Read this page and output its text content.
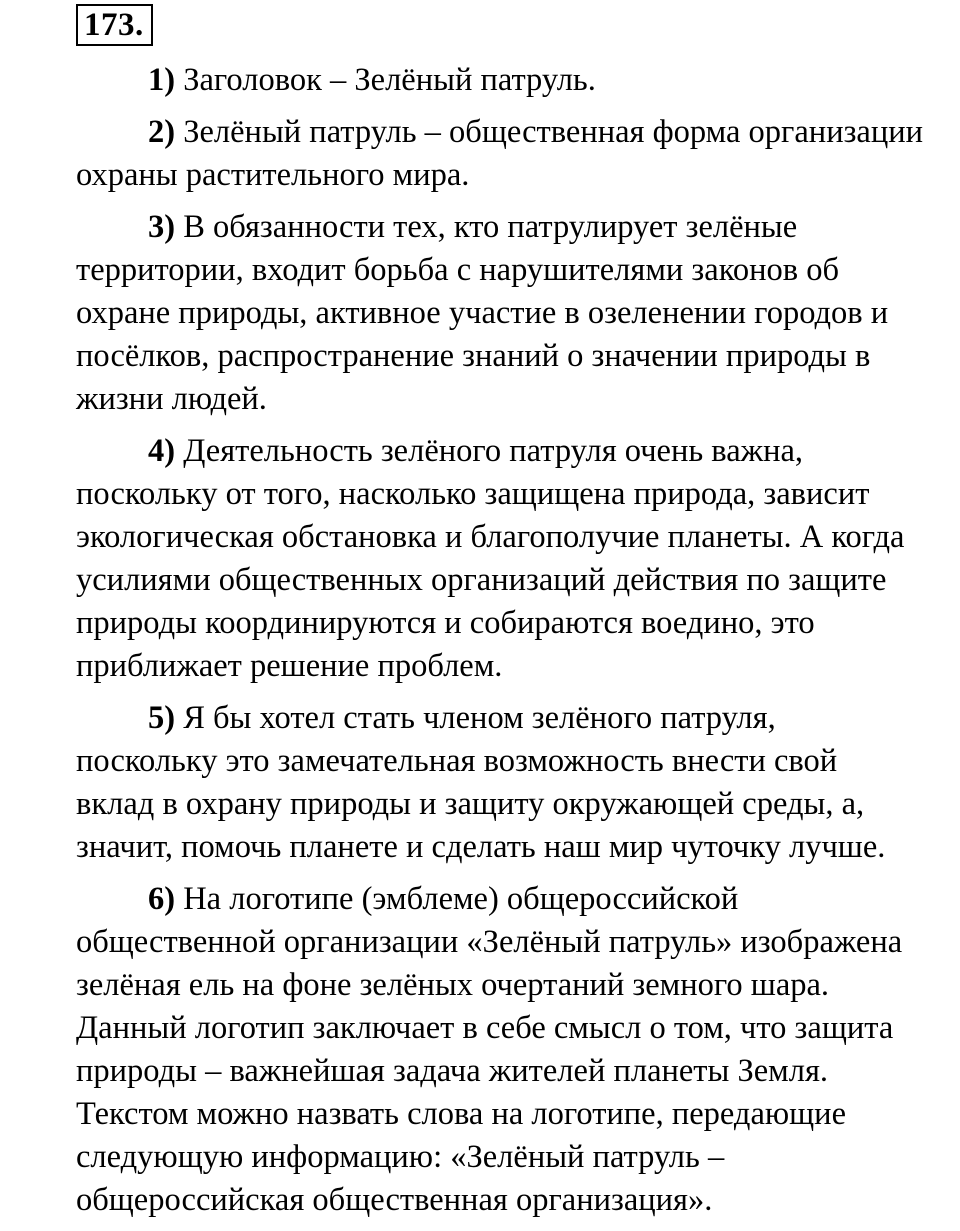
173.
1) Заголовок – Зелёный патруль.
2) Зелёный патруль – общественная форма организации
охраны растительного мира.
3) В обязанности тех, кто патрулирует зелёные
территории, входит борьба с нарушителями законов об
охране природы, активное участие в озеленении городов и
посёлков, распространение знаний о значении природы в
жизни людей.
4) Деятельность зелёного патруля очень важна,
поскольку от того, насколько защищена природа, зависит
экологическая обстановка и благополучие планеты. А когда
усилиями общественных организаций действия по защите
природы координируются и собираются воедино, это
приближает решение проблем.
5) Я бы хотел стать членом зелёного патруля,
поскольку это замечательная возможность внести свой
вклад в охрану природы и защиту окружающей среды, а,
значит, помочь планете и сделать наш мир чуточку лучше.
6) На логотипе (эмблеме) общероссийской
общественной организации «Зелёный патруль» изображена
зелёная ель на фоне зелёных очертаний земного шара.
Данный логотип заключает в себе смысл о том, что защита
природы – важнейшая задача жителей планеты Земля.
Текстом можно назвать слова на логотипе, передающие
следующую информацию: «Зелёный патруль –
общероссийская общественная организация».
